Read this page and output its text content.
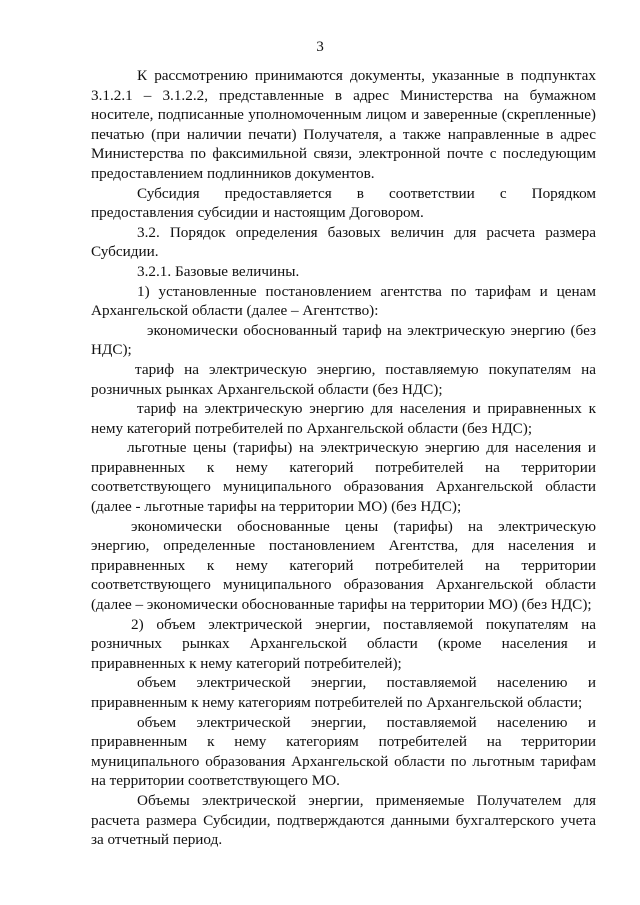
3

К рассмотрению принимаются документы, указанные в подпунктах 3.1.2.1 – 3.1.2.2, представленные в адрес Министерства на бумажном носителе, подписанные уполномоченным лицом и заверенные (скрепленные) печатью (при наличии печати) Получателя, а также направленные в адрес Министерства по факсимильной связи, электронной почте с последующим предоставлением подлинников документов.

Субсидия предоставляется в соответствии с Порядком предоставления субсидии и настоящим Договором.

3.2. Порядок определения базовых величин для расчета размера Субсидии.

3.2.1. Базовые величины.

1) установленные постановлением агентства по тарифам и ценам Архангельской области (далее – Агентство):

экономически обоснованный тариф на электрическую энергию (без НДС);

тариф на электрическую энергию, поставляемую покупателям на розничных рынках Архангельской области (без НДС);

тариф на электрическую энергию для населения и приравненных к нему категорий потребителей по Архангельской области (без НДС);

льготные цены (тарифы) на электрическую энергию для населения и приравненных к нему категорий потребителей на территории соответствующего муниципального образования Архангельской области (далее - льготные тарифы на территории МО) (без НДС);

экономически обоснованные цены (тарифы) на электрическую энергию, определенные постановлением Агентства, для населения и приравненных к нему категорий потребителей на территории соответствующего муниципального образования Архангельской области (далее – экономически обоснованные тарифы на территории МО) (без НДС);

2) объем электрической энергии, поставляемой покупателям на розничных рынках Архангельской области (кроме населения и приравненных к нему категорий потребителей);

объем электрической энергии, поставляемой населению и приравненным к нему категориям потребителей по Архангельской области;

объем электрической энергии, поставляемой населению и приравненным к нему категориям потребителей на территории муниципального образования Архангельской области по льготным тарифам на территории соответствующего МО.

Объемы электрической энергии, применяемые Получателем для расчета размера Субсидии, подтверждаются данными бухгалтерского учета за отчетный период.
